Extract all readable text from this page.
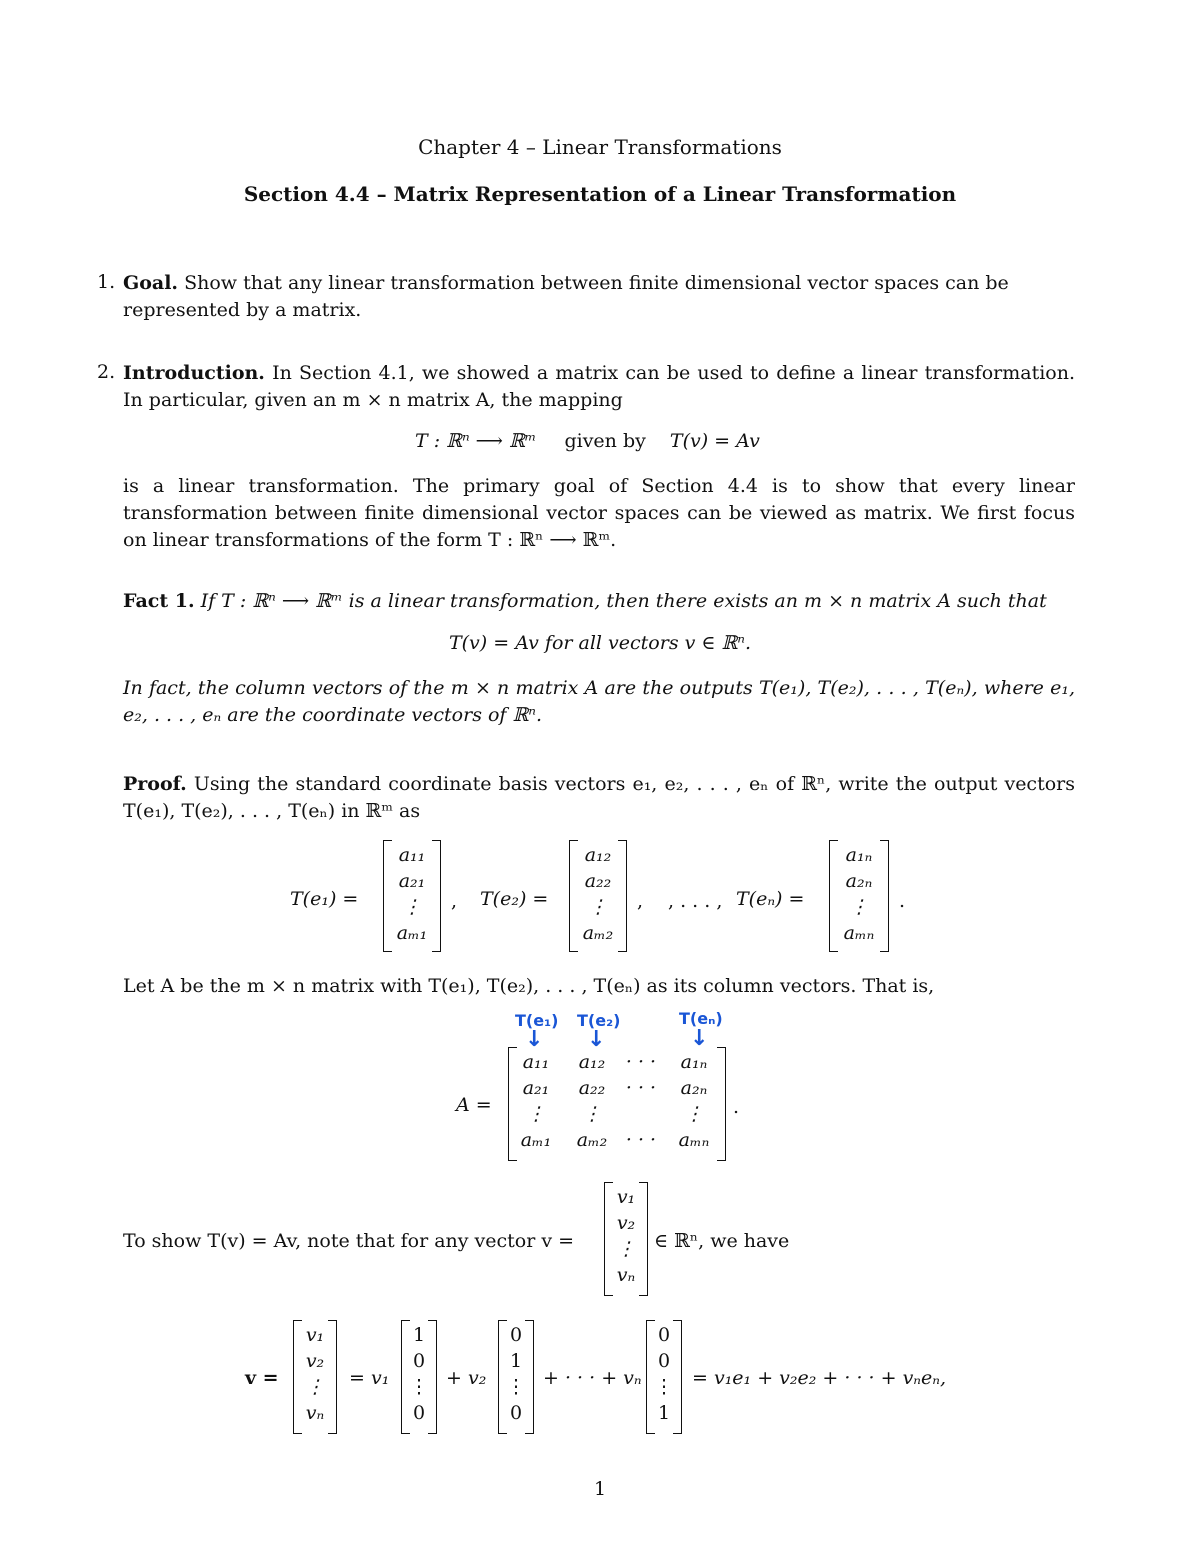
Chapter 4 – Linear Transformations
Section 4.4 – Matrix Representation of a Linear Transformation
1. Goal. Show that any linear transformation between finite dimensional vector spaces can be represented by a matrix.
2. Introduction. In Section 4.1, we showed a matrix can be used to define a linear transformation. In particular, given an m × n matrix A, the mapping
T : ℝⁿ ⟶ ℝᵐ given by T(v) = Av
is a linear transformation. The primary goal of Section 4.4 is to show that every linear transformation between finite dimensional vector spaces can be viewed as matrix. We first focus on linear transformations of the form T : ℝⁿ ⟶ ℝᵐ.
Fact 1. If T : ℝⁿ ⟶ ℝᵐ is a linear transformation, then there exists an m × n matrix A such that
T(v) = Av for all vectors v ∈ ℝⁿ.
In fact, the column vectors of the m × n matrix A are the outputs T(e₁), T(e₂), . . . , T(eₙ), where e₁, e₂, . . . , eₙ are the coordinate vectors of ℝⁿ.
Proof. Using the standard coordinate basis vectors e₁, e₂, . . . , eₙ of ℝⁿ, write the output vectors T(e₁), T(e₂), . . . , T(eₙ) in ℝᵐ as
T(e₁) =
a₁₁
a₂₁
⋮
aₘ₁
, T(e₂) =
a₁₂
a₂₂
⋮
aₘ₂
, , . . . , T(eₙ) =
a₁ₙ
a₂ₙ
⋮
aₘₙ
.
Let A be the m × n matrix with T(e₁), T(e₂), . . . , T(eₙ) as its column vectors. That is,
T(e₁) T(e₂)	T(eₙ)
↓ ↓	↓
A =
a₁₁
a₂₁
⋮
aₘ₁
a₁₂
a₂₂
⋮
aₘ₂
· · ·
· · ·
· · ·
a₁ₙ
a₂ₙ
⋮
aₘₙ
.
To show T(v) = Av, note that for any vector v =
v₁
v₂
⋮
vₙ
∈ ℝⁿ, we have
v =
v₁
v₂
⋮
vₙ
= v₁
1
0
⋮
0
+ v₂
0
1
⋮
0
+ · · · + vₙ
0
0
⋮
1
= v₁e₁ + v₂e₂ + · · · + vₙeₙ,
1
